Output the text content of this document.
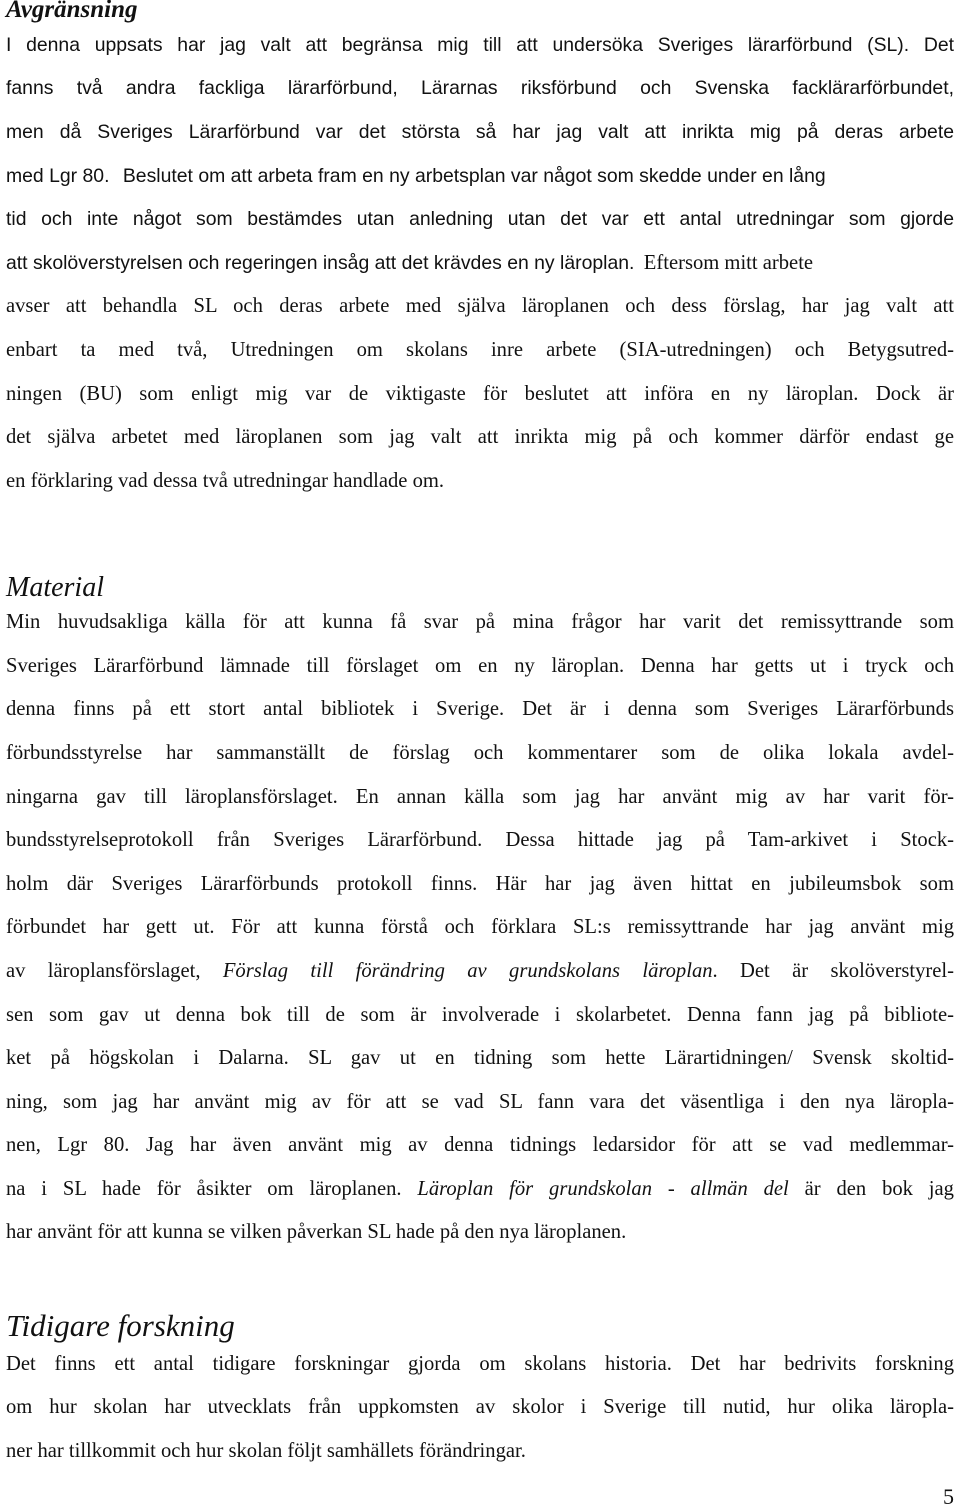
Avgränsning
I denna uppsats har jag valt att begränsa mig till att undersöka Sveriges lärarförbund (SL). Det
fanns två andra fackliga lärarförbund, Lärarnas riksförbund och Svenska facklärarförbundet,
men då Sveriges Lärarförbund var det största så har jag valt att inrikta mig på deras arbete
med Lgr 80. Beslutet om att arbeta fram en ny arbetsplan var något som skedde under en lång
tid och inte något som bestämdes utan anledning utan det var ett antal utredningar som gjorde
att skolöverstyrelsen och regeringen insåg att det krävdes en ny läroplan. Eftersom mitt arbete
avser att behandla SL och deras arbete med själva läroplanen och dess förslag, har jag valt att
enbart ta med två, Utredningen om skolans inre arbete (SIA-utredningen) och Betygsutred-
ningen (BU) som enligt mig var de viktigaste för beslutet att införa en ny läroplan. Dock är
det själva arbetet med läroplanen som jag valt att inrikta mig på och kommer därför endast ge
en förklaring vad dessa två utredningar handlade om.
Material
Min huvudsakliga källa för att kunna få svar på mina frågor har varit det remissyttrande som
Sveriges Lärarförbund lämnade till förslaget om en ny läroplan. Denna har getts ut i tryck och
denna finns på ett stort antal bibliotek i Sverige. Det är i denna som Sveriges Lärarförbunds
förbundsstyrelse har sammanställt de förslag och kommentarer som de olika lokala avdel-
ningarna gav till läroplansförslaget. En annan källa som jag har använt mig av har varit för-
bundsstyrelseprotokoll från Sveriges Lärarförbund. Dessa hittade jag på Tam-arkivet i Stock-
holm där Sveriges Lärarförbunds protokoll finns. Här har jag även hittat en jubileumsbok som
förbundet har gett ut. För att kunna förstå och förklara SL:s remissyttrande har jag använt mig
av läroplansförslaget, Förslag till förändring av grundskolans läroplan. Det är skolöverstyrel-
sen som gav ut denna bok till de som är involverade i skolarbetet. Denna fann jag på bibliote-
ket på högskolan i Dalarna. SL gav ut en tidning som hette Lärartidningen/ Svensk skoltid-
ning, som jag har använt mig av för att se vad SL fann vara det väsentliga i den nya läropla-
nen, Lgr 80. Jag har även använt mig av denna tidnings ledarsidor för att se vad medlemmar-
na i SL hade för åsikter om läroplanen. Läroplan för grundskolan - allmän del är den bok jag
har använt för att kunna se vilken påverkan SL hade på den nya läroplanen.
Tidigare forskning
Det finns ett antal tidigare forskningar gjorda om skolans historia. Det har bedrivits forskning
om hur skolan har utvecklats från uppkomsten av skolor i Sverige till nutid, hur olika läropla-
ner har tillkommit och hur skolan följt samhällets förändringar.
5
